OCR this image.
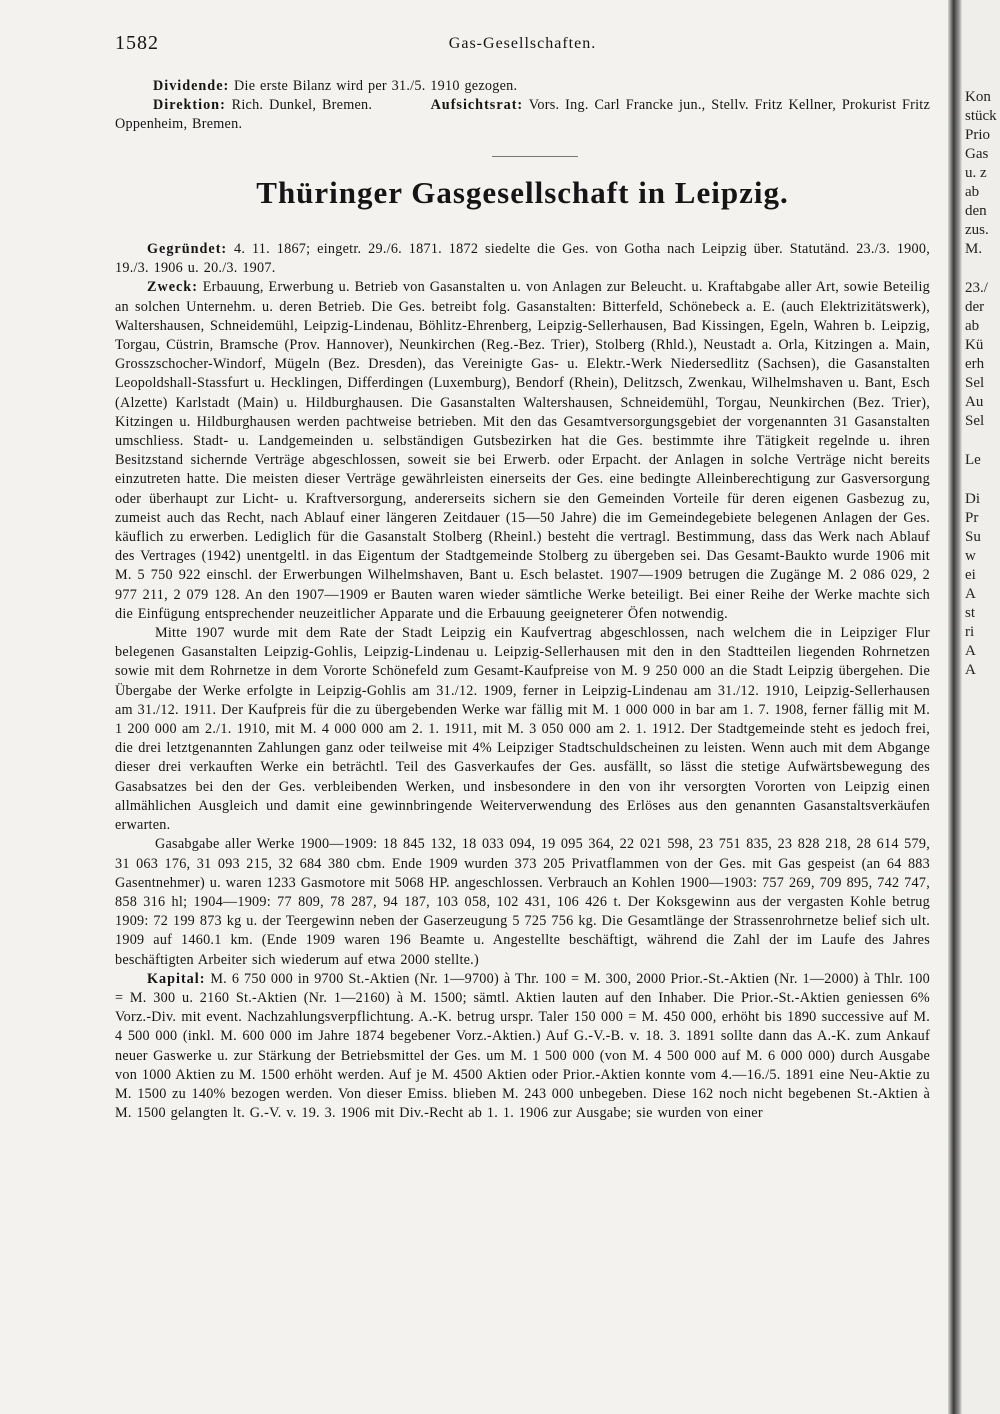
1582	Gas-Gesellschaften.

Dividende: Die erste Bilanz wird per 31./5. 1910 gezogen.

Direktion: Rich. Dunkel, Bremen.	Aufsichtsrat: Vors. Ing. Carl Francke jun., Stellv. Fritz Kellner, Prokurist Fritz Oppenheim, Bremen.

Thüringer Gasgesellschaft in Leipzig.

Gegründet: 4. 11. 1867; eingetr. 29./6. 1871. 1872 siedelte die Ges. von Gotha nach Leipzig über. Statutänd. 23./3. 1900, 19./3. 1906 u. 20./3. 1907.

Zweck: Erbauung, Erwerbung u. Betrieb von Gasanstalten u. von Anlagen zur Beleucht. u. Kraftabgabe aller Art, sowie Beteilig an solchen Unternehm. u. deren Betrieb. Die Ges. betreibt folg. Gasanstalten: Bitterfeld, Schönebeck a. E. (auch Elektrizitätswerk), Waltershausen, Schneidemühl, Leipzig-Lindenau, Böhlitz-Ehrenberg, Leipzig-Sellerhausen, Bad Kissingen, Egeln, Wahren b. Leipzig, Torgau, Cüstrin, Bramsche (Prov. Hannover), Neunkirchen (Reg.-Bez. Trier), Stolberg (Rhld.), Neustadt a. Orla, Kitzingen a. Main, Grosszschocher-Windorf, Mügeln (Bez. Dresden), das Vereinigte Gas- u. Elektr.-Werk Niedersedlitz (Sachsen), die Gasanstalten Leopoldshall-Stassfurt u. Hecklingen, Differdingen (Luxemburg), Bendorf (Rhein), Delitzsch, Zwenkau, Wilhelmshaven u. Bant, Esch (Alzette) Karlstadt (Main) u. Hildburghausen. Die Gasanstalten Waltershausen, Schneidemühl, Torgau, Neunkirchen (Bez. Trier), Kitzingen u. Hildburghausen werden pachtweise betrieben. Mit den das Gesamtversorgungsgebiet der vorgenannten 31 Gasanstalten umschliess. Stadt- u. Landgemeinden u. selbständigen Gutsbezirken hat die Ges. bestimmte ihre Tätigkeit regelnde u. ihren Besitzstand sichernde Verträge abgeschlossen, soweit sie bei Erwerb. oder Erpacht. der Anlagen in solche Verträge nicht bereits einzutreten hatte. Die meisten dieser Verträge gewährleisten einerseits der Ges. eine bedingte Alleinberechtigung zur Gasversorgung oder überhaupt zur Licht- u. Kraftversorgung, andererseits sichern sie den Gemeinden Vorteile für deren eigenen Gasbezug zu, zumeist auch das Recht, nach Ablauf einer längeren Zeitdauer (15—50 Jahre) die im Gemeindegebiete belegenen Anlagen der Ges. käuflich zu erwerben. Lediglich für die Gasanstalt Stolberg (Rheinl.) besteht die vertragl. Bestimmung, dass das Werk nach Ablauf des Vertrages (1942) unentgeltl. in das Eigentum der Stadtgemeinde Stolberg zu übergeben sei. Das Gesamt-Baukto wurde 1906 mit M. 5 750 922 einschl. der Erwerbungen Wilhelmshaven, Bant u. Esch belastet. 1907—1909 betrugen die Zugänge M. 2 086 029, 2 977 211, 2 079 128. An den 1907—1909 er Bauten waren wieder sämtliche Werke beteiligt. Bei einer Reihe der Werke machte sich die Einfügung entsprechender neuzeitlicher Apparate und die Erbauung geeigneterer Öfen notwendig.

Mitte 1907 wurde mit dem Rate der Stadt Leipzig ein Kaufvertrag abgeschlossen, nach welchem die in Leipziger Flur belegenen Gasanstalten Leipzig-Gohlis, Leipzig-Lindenau u. Leipzig-Sellerhausen mit den in den Stadtteilen liegenden Rohrnetzen sowie mit dem Rohrnetze in dem Vororte Schönefeld zum Gesamt-Kaufpreise von M. 9 250 000 an die Stadt Leipzig übergehen. Die Übergabe der Werke erfolgte in Leipzig-Gohlis am 31./12. 1909, ferner in Leipzig-Lindenau am 31./12. 1910, Leipzig-Sellerhausen am 31./12. 1911. Der Kaufpreis für die zu übergebenden Werke war fällig mit M. 1 000 000 in bar am 1. 7. 1908, ferner fällig mit M. 1 200 000 am 2./1. 1910, mit M. 4 000 000 am 2. 1. 1911, mit M. 3 050 000 am 2. 1. 1912. Der Stadtgemeinde steht es jedoch frei, die drei letztgenannten Zahlungen ganz oder teilweise mit 4% Leipziger Stadtschuldscheinen zu leisten. Wenn auch mit dem Abgange dieser drei verkauften Werke ein beträchtl. Teil des Gasverkaufes der Ges. ausfällt, so lässt die stetige Aufwärtsbewegung des Gasabsatzes bei den der Ges. verbleibenden Werken, und insbesondere in den von ihr versorgten Vororten von Leipzig einen allmählichen Ausgleich und damit eine gewinnbringende Weiterverwendung des Erlöses aus den genannten Gasanstaltsverkäufen erwarten.

Gasabgabe aller Werke 1900—1909: 18 845 132, 18 033 094, 19 095 364, 22 021 598, 23 751 835, 23 828 218, 28 614 579, 31 063 176, 31 093 215, 32 684 380 cbm. Ende 1909 wurden 373 205 Privatflammen von der Ges. mit Gas gespeist (an 64 883 Gasentnehmer) u. waren 1233 Gasmotore mit 5068 HP. angeschlossen. Verbrauch an Kohlen 1900—1903: 757 269, 709 895, 742 747, 858 316 hl; 1904—1909: 77 809, 78 287, 94 187, 103 058, 102 431, 106 426 t. Der Koksgewinn aus der vergasten Kohle betrug 1909: 72 199 873 kg u. der Teergewinn neben der Gaserzeugung 5 725 756 kg. Die Gesamtlänge der Strassenrohrnetze belief sich ult. 1909 auf 1460.1 km. (Ende 1909 waren 196 Beamte u. Angestellte beschäftigt, während die Zahl der im Laufe des Jahres beschäftigten Arbeiter sich wiederum auf etwa 2000 stellte.)

Kapital: M. 6 750 000 in 9700 St.-Aktien (Nr. 1—9700) à Thr. 100 = M. 300, 2000 Prior.-St.-Aktien (Nr. 1—2000) à Thlr. 100 = M. 300 u. 2160 St.-Aktien (Nr. 1—2160) à M. 1500; sämtl. Aktien lauten auf den Inhaber. Die Prior.-St.-Aktien geniessen 6% Vorz.-Div. mit event. Nachzahlungsverpflichtung. A.-K. betrug urspr. Taler 150 000 = M. 450 000, erhöht bis 1890 successive auf M. 4 500 000 (inkl. M. 600 000 im Jahre 1874 begebener Vorz.-Aktien.) Auf G.-V.-B. v. 18. 3. 1891 sollte dann das A.-K. zum Ankauf neuer Gaswerke u. zur Stärkung der Betriebsmittel der Ges. um M. 1 500 000 (von M. 4 500 000 auf M. 6 000 000) durch Ausgabe von 1000 Aktien zu M. 1500 erhöht werden. Auf je M. 4500 Aktien oder Prior.-Aktien konnte vom 4.—16./5. 1891 eine Neu-Aktie zu M. 1500 zu 140% bezogen werden. Von dieser Emiss. blieben M. 243 000 unbegeben. Diese 162 noch nicht begebenen St.-Aktien à M. 1500 gelangten lt. G.-V. v. 19. 3. 1906 mit Div.-Recht ab 1. 1. 1906 zur Ausgabe; sie wurden von einer

Kon
stück
Prio
Gas
u. z
ab
den
zus.
M.
23./
der
ab
Kü
erh
Sel
Au
Sel
Le
Di
Pr
Su
w
ei
A
st
ri
A
A
